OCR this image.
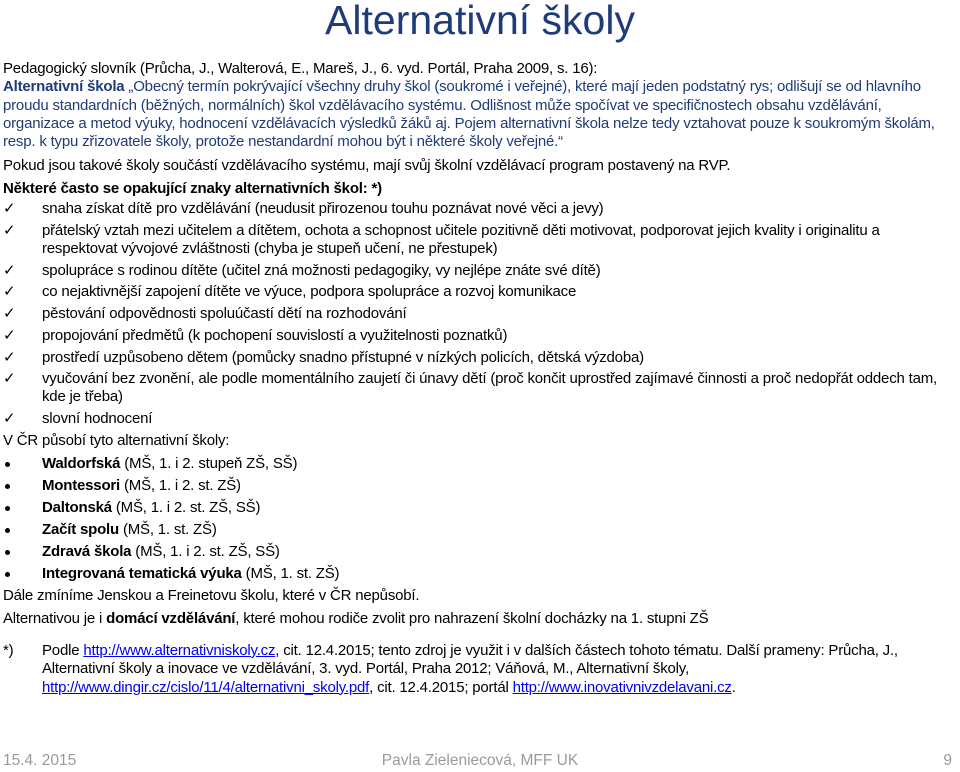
Alternativní školy

Pedagogický slovník (Průcha, J., Walterová, E., Mareš, J., 6. vyd. Portál, Praha 2009, s. 16):

Alternativní škola „Obecný termín pokrývající všechny druhy škol (soukromé i veřejné), které mají jeden podstatný rys; odlišují se od hlavního proudu standardních (běžných, normálních) škol vzdělávacího systému. Odlišnost může spočívat ve specifičnostech obsahu vzdělávání, organizace a metod výuky, hodnocení vzdělávacích výsledků žáků aj. Pojem alternativní škola nelze tedy vztahovat pouze k soukromým školám, resp. k typu zřizovatele školy, protože nestandardní mohou být i některé školy veřejné.“

Pokud jsou takové školy součástí vzdělávacího systému, mají svůj školní vzdělávací program postavený na RVP.

Některé často se opakující znaky alternativních škol: *)

✓ snaha získat dítě pro vzdělávání (neudusit přirozenou touhu poznávat nové věci a jevy)
✓ přátelský vztah mezi učitelem a dítětem, ochota a schopnost učitele pozitivně děti motivovat, podporovat jejich kvality i originalitu a respektovat vývojové zvláštnosti (chyba je stupeň učení, ne přestupek)
✓ spolupráce s rodinou dítěte (učitel zná možnosti pedagogiky, vy nejlépe znáte své dítě)
✓ co nejaktivnější zapojení dítěte ve výuce, podpora spolupráce a rozvoj komunikace
✓ pěstování odpovědnosti spoluúčastí dětí na rozhodování
✓ propojování předmětů (k pochopení souvislostí a využitelnosti poznatků)
✓ prostředí uzpůsobeno dětem (pomůcky snadno přístupné v nízkých policích, dětská výzdoba)
✓ vyučování bez zvonění, ale podle momentálního zaujetí či únavy dětí (proč končit uprostřed zajímavé činnosti a proč nedopřát oddech tam, kde je třeba)
✓ slovní hodnocení

V ČR působí tyto alternativní školy:

Waldorfská (MŠ, 1. i 2. stupeň ZŠ, SŠ)
Montessori (MŠ, 1. i 2. st. ZŠ)
Daltonská (MŠ, 1. i 2. st. ZŠ, SŠ)
Začít spolu (MŠ, 1. st. ZŠ)
Zdravá škola (MŠ, 1. i 2. st. ZŠ, SŠ)
Integrovaná tematická výuka (MŠ, 1. st. ZŠ)

Dále zmíníme Jenskou a Freinetovu školu, které v ČR nepůsobí.

Alternativou je i domácí vzdělávání, které mohou rodiče zvolit pro nahrazení školní docházky na 1. stupni ZŠ

*) Podle http://www.alternativniskoly.cz, cit. 12.4.2015; tento zdroj je využit i v dalších částech tohoto tématu. Další prameny: Průcha, J., Alternativní školy a inovace ve vzdělávání, 3. vyd. Portál, Praha 2012; Váňová, M., Alternativní školy, http://www.dingir.cz/cislo/11/4/alternativni_skoly.pdf, cit. 12.4.2015; portál http://www.inovativnivzdelavani.cz.

15.4. 2015	Pavla Zieleniecová, MFF UK	9
